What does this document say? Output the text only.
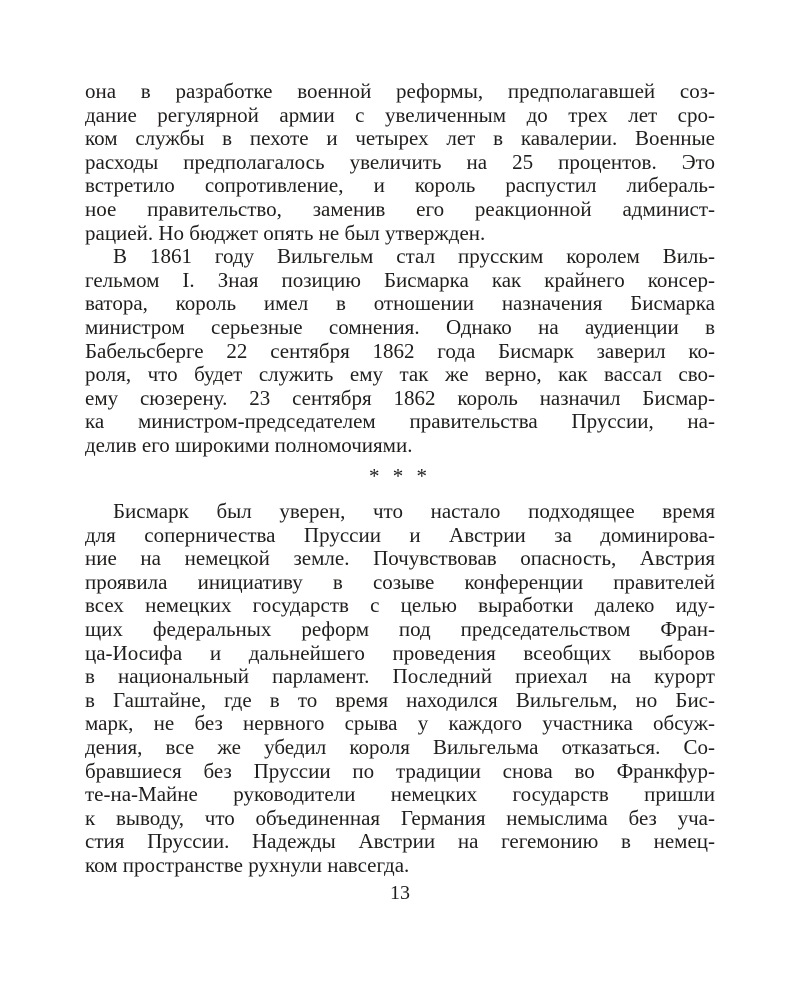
она в разработке военной реформы, предполагавшей соз-
дание регулярной армии с увеличенным до трех лет сро-
ком службы в пехоте и четырех лет в кавалерии. Военные
расходы предполагалось увеличить на 25 процентов. Это
встретило сопротивление, и король распустил либераль-
ное правительство, заменив его реакционной админист-
рацией. Но бюджет опять не был утвержден.
В 1861 году Вильгельм стал прусским королем Виль-
гельмом I. Зная позицию Бисмарка как крайнего консер-
ватора, король имел в отношении назначения Бисмарка
министром серьезные сомнения. Однако на аудиенции в
Бабельсберге 22 сентября 1862 года Бисмарк заверил ко-
роля, что будет служить ему так же верно, как вассал сво-
ему сюзерену. 23 сентября 1862 король назначил Бисмар-
ка министром-председателем правительства Пруссии, на-
делив его широкими полномочиями.
* * *
Бисмарк был уверен, что настало подходящее время
для соперничества Пруссии и Австрии за доминирова-
ние на немецкой земле. Почувствовав опасность, Австрия
проявила инициативу в созыве конференции правителей
всех немецких государств с целью выработки далеко иду-
щих федеральных реформ под председательством Фран-
ца-Иосифа и дальнейшего проведения всеобщих выборов
в национальный парламент. Последний приехал на курорт
в Гаштайне, где в то время находился Вильгельм, но Бис-
марк, не без нервного срыва у каждого участника обсуж-
дения, все же убедил короля Вильгельма отказаться. Со-
бравшиеся без Пруссии по традиции снова во Франкфур-
те-на-Майне руководители немецких государств пришли
к выводу, что объединенная Германия немыслима без уча-
стия Пруссии. Надежды Австрии на гегемонию в немец-
ком пространстве рухнули навсегда.
13
